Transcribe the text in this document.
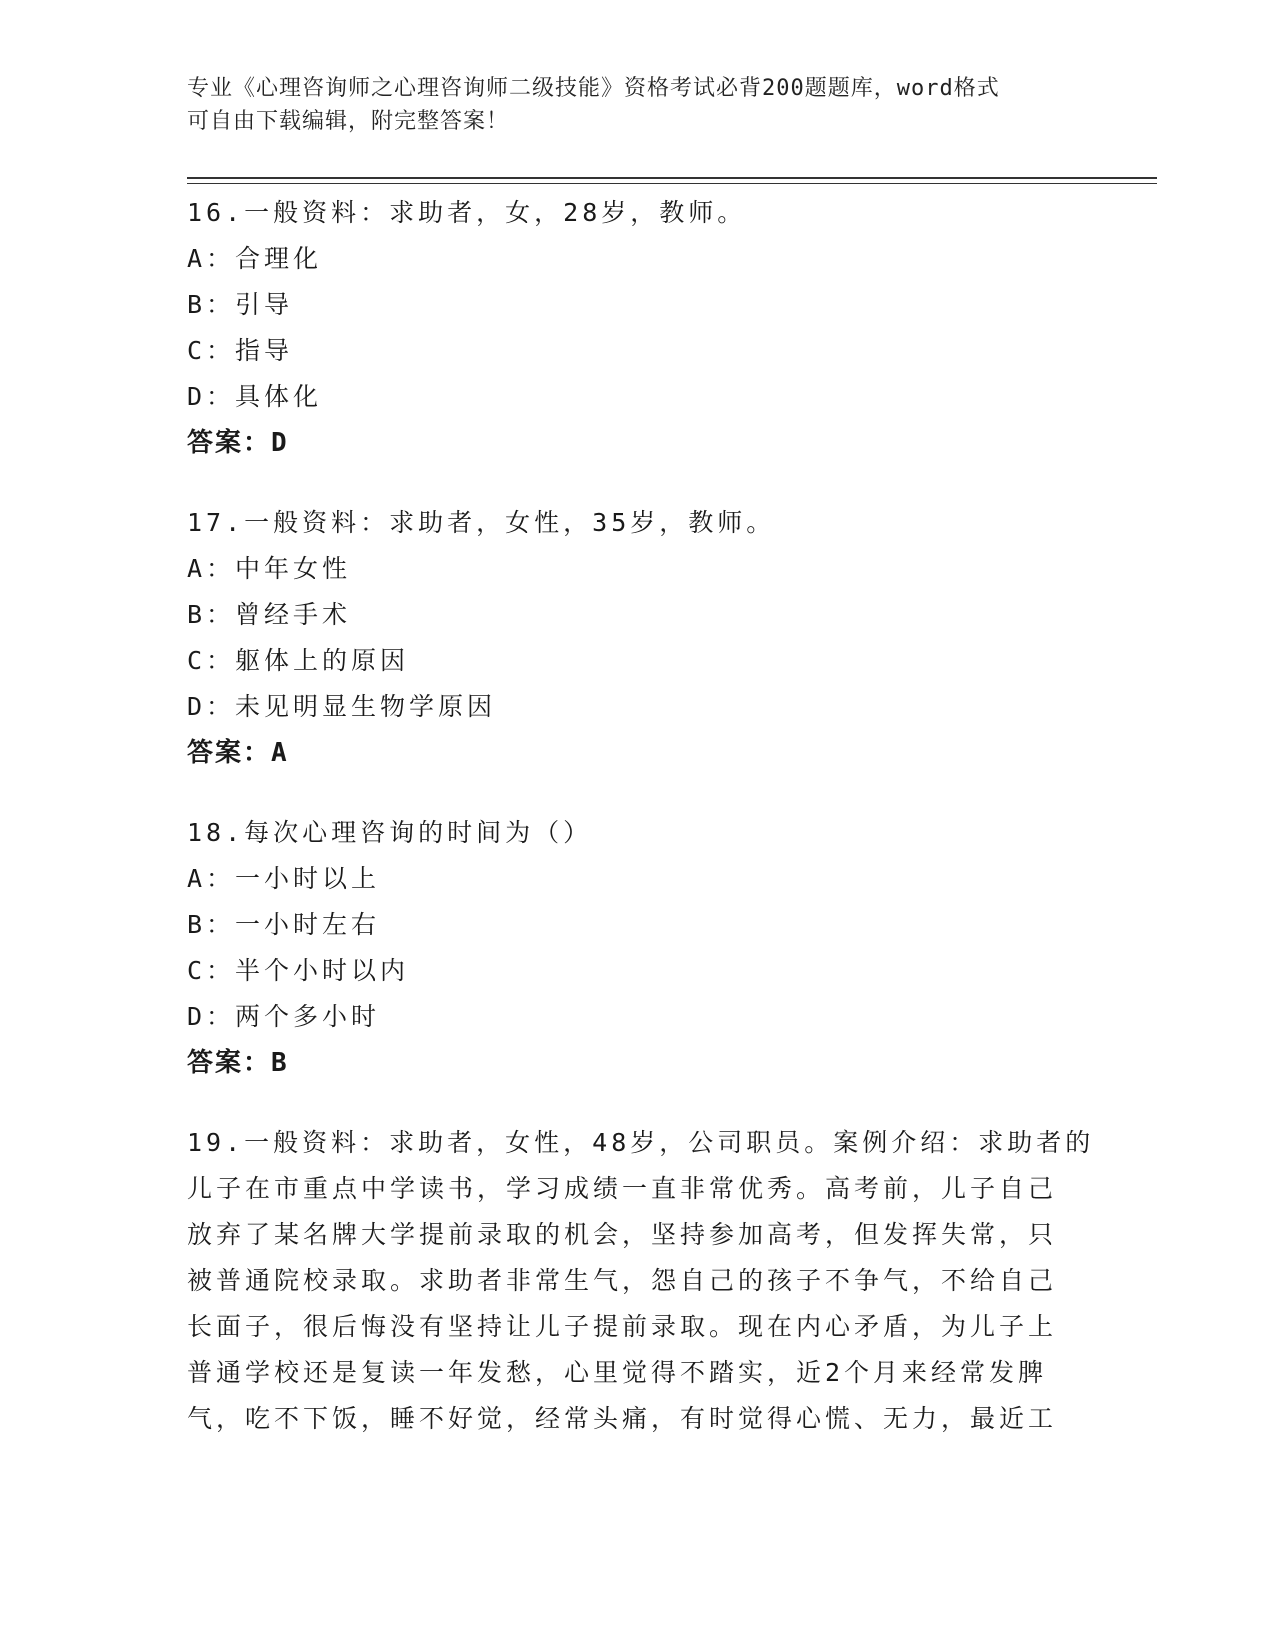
专业《心理咨询师之心理咨询师二级技能》资格考试必背200题题库，word格式
可自由下载编辑，附完整答案！
16.一般资料：求助者，女，28岁，教师。
A：合理化
B：引导
C：指导
D：具体化
答案：D
17.一般资料：求助者，女性，35岁，教师。
A：中年女性
B：曾经手术
C：躯体上的原因
D：未见明显生物学原因
答案：A
18.每次心理咨询的时间为（）
A：一小时以上
B：一小时左右
C：半个小时以内
D：两个多小时
答案：B
19.一般资料：求助者，女性，48岁，公司职员。案例介绍：求助者的
儿子在市重点中学读书，学习成绩一直非常优秀。高考前，儿子自己
放弃了某名牌大学提前录取的机会，坚持参加高考，但发挥失常，只
被普通院校录取。求助者非常生气，怨自己的孩子不争气，不给自己
长面子，很后悔没有坚持让儿子提前录取。现在内心矛盾，为儿子上
普通学校还是复读一年发愁，心里觉得不踏实，近2个月来经常发脾
气，吃不下饭，睡不好觉，经常头痛，有时觉得心慌、无力，最近工
